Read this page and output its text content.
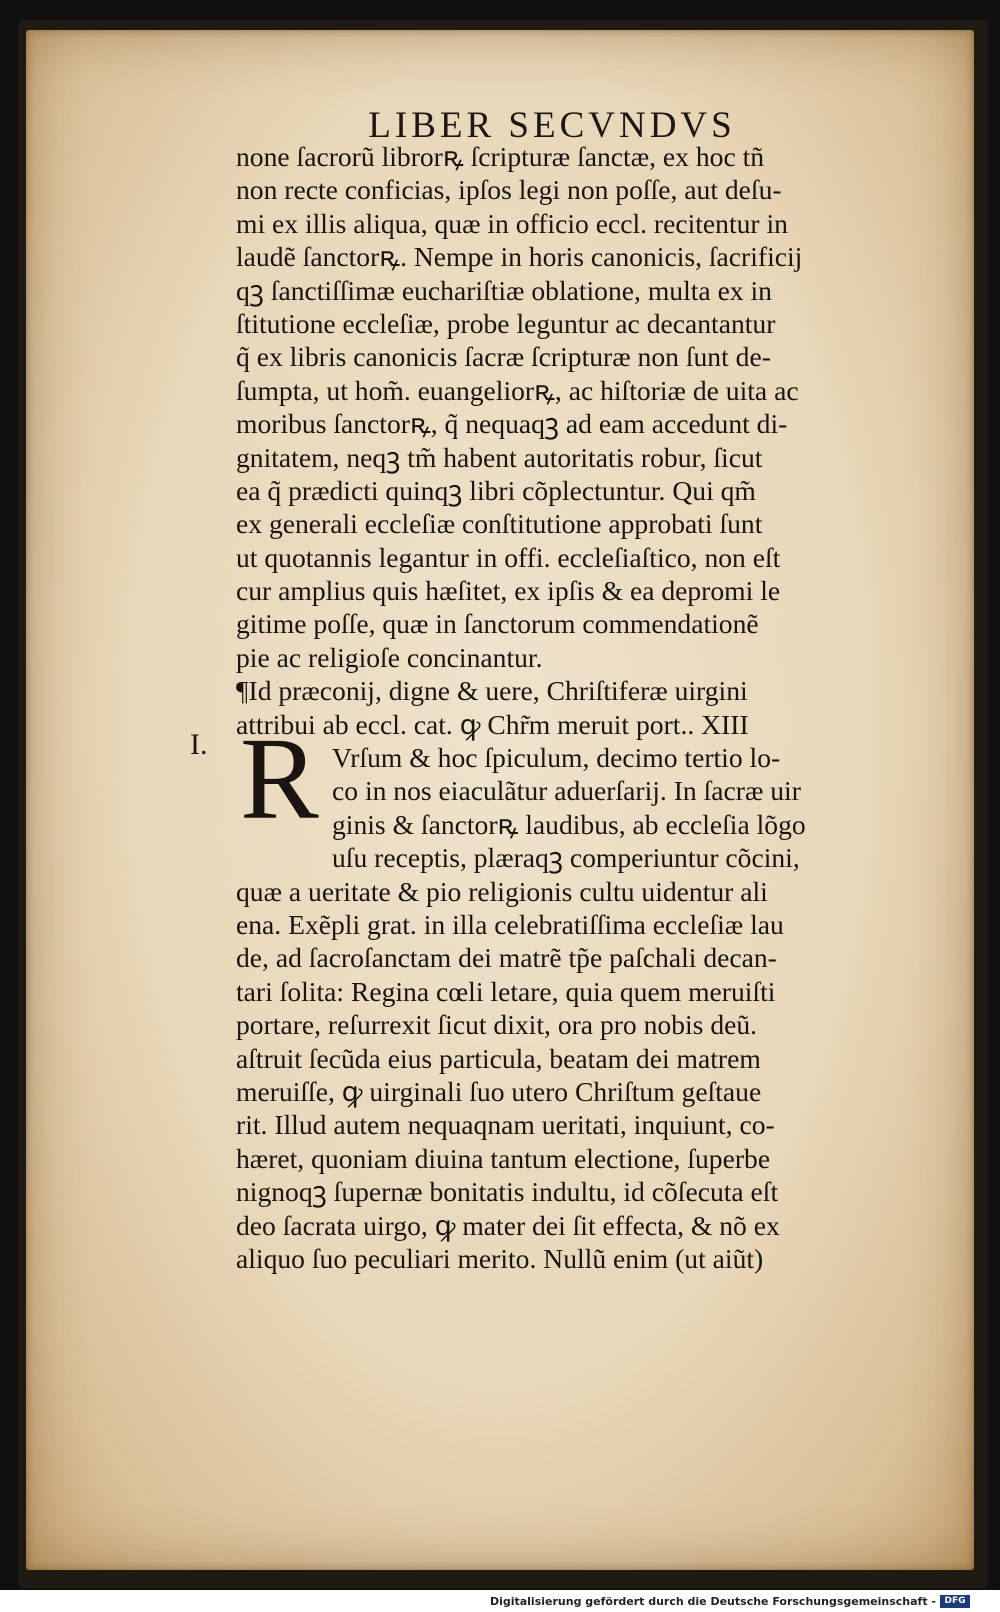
LIBER SECVNDVS
none ſacrorũ librorꝶ ſcripturæ ſanctæ, ex hoc tñ
non recte conficias, ipſos legi non poſſe, aut deſu-
mi ex illis aliqua, quæ in officio eccl. recitentur in
laudẽ ſanctorꝶ. Nempe in horis canonicis, ſacrificij
qꝫ ſanctiſſimæ euchariſtiæ oblatione, multa ex in
ſtitutione eccleſiæ, probe leguntur ac decantantur
q̃ ex libris canonicis ſacræ ſcripturæ non ſunt de-
ſumpta, ut hom̃. euangeliorꝶ, ac hiſtoriæ de uita ac
moribus ſanctorꝶ, q̃ nequaqꝫ ad eam accedunt di-
gnitatem, neqꝫ tm̃ habent autoritatis robur, ſicut
ea q̃ prædicti quinqꝫ libri cõplectuntur. Qui qm̃
ex generali eccleſiæ conſtitutione approbati ſunt
ut quotannis legantur in offi. eccleſiaſtico, non eſt
cur amplius quis hæſitet, ex ipſis & ea depromi le
gitime poſſe, quæ in ſanctorum commendationẽ
pie ac religioſe concinantur.
¶Id præconij, digne & uere, Chriſtiferæ uirgini
attribui ab eccl. cat. ꝙ Chr̃m meruit port.. XIII
Vrſum & hoc ſpiculum, decimo tertio lo-
co in nos eiaculãtur aduerſarij. In ſacræ uir
ginis & ſanctorꝶ laudibus, ab eccleſia lõgo
uſu receptis, plæraqꝫ comperiuntur cõcini,
quæ a ueritate & pio religionis cultu uidentur ali
ena. Exẽpli grat. in illa celebratiſſima eccleſiæ lau
de, ad ſacroſanctam dei matrẽ tp̃e paſchali decan-
tari ſolita: Regina cœli letare, quia quem meruiſti
portare, reſurrexit ſicut dixit, ora pro nobis deũ.
aſtruit ſecũda eius particula, beatam dei matrem
meruiſſe, ꝙ uirginali ſuo utero Chriſtum geſtaue
rit. Illud autem nequaqnam ueritati, inquiunt, co-
hæret, quoniam diuina tantum electione, ſuperbe
nignoqꝫ ſupernæ bonitatis indultu, id cõſecuta eſt
deo ſacrata uirgo, ꝙ mater dei ſit effecta, & nõ ex
aliquo ſuo peculiari merito. Nullũ enim (ut aiũt)
R
I.
Digitalisierung gefördert durch die Deutsche Forschungsgemeinschaft - DFG
